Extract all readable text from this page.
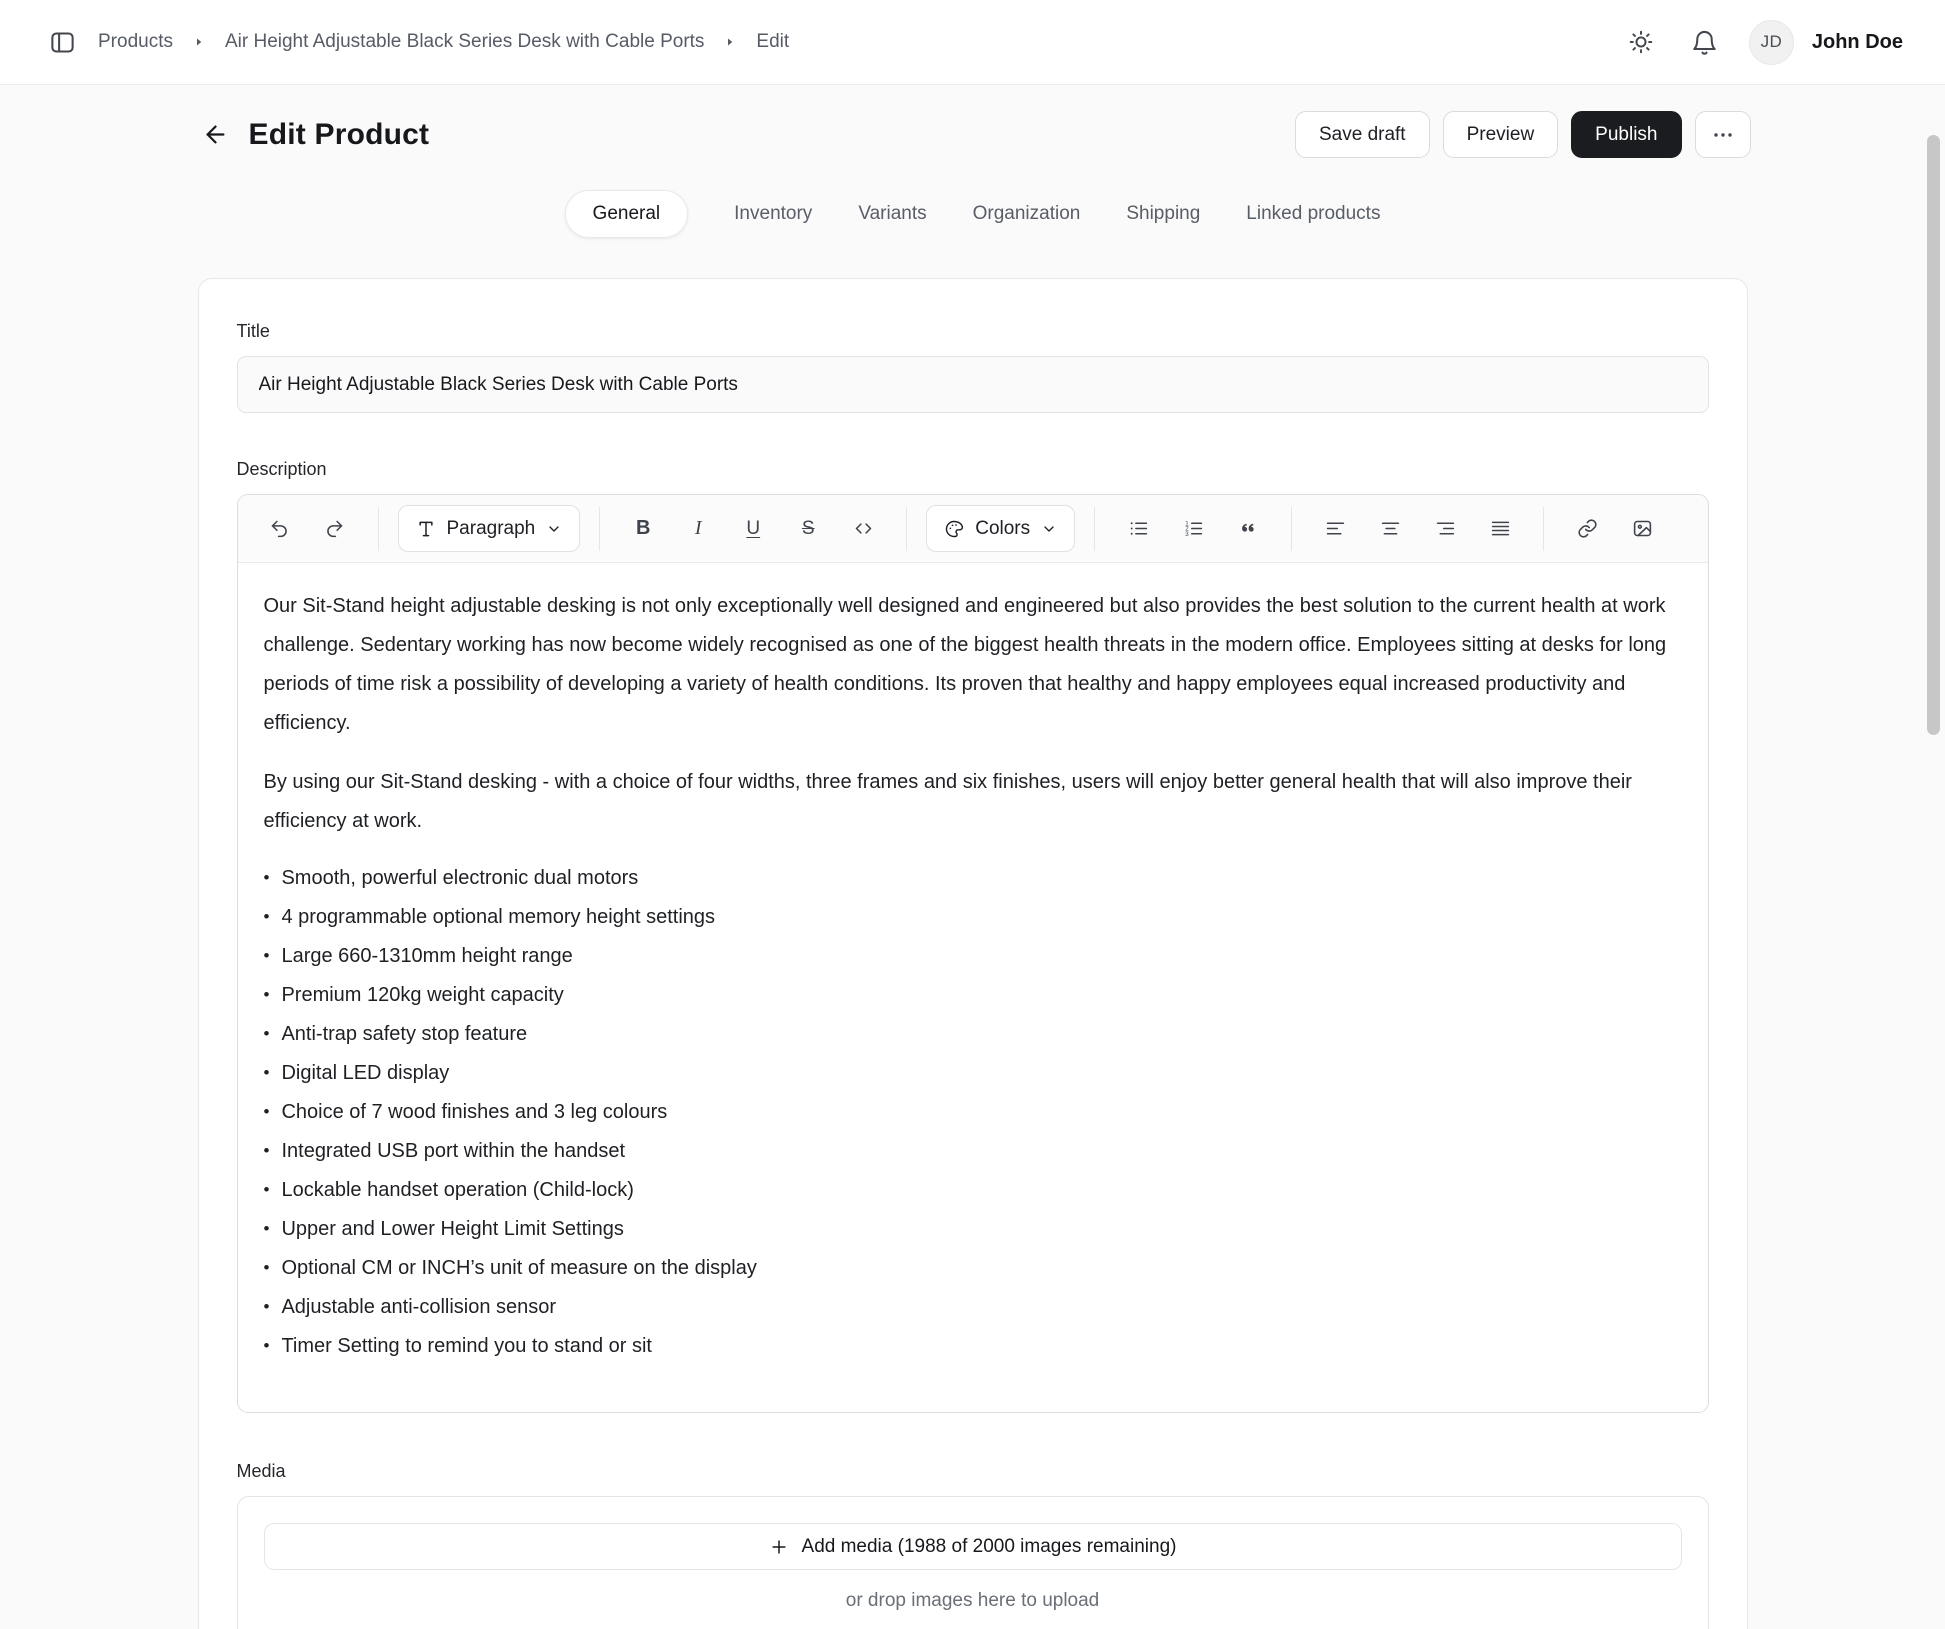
Products	Air Height Adjustable Black Series Desk with Cable Ports	Edit	JD	John Doe
Edit Product	Save draft	Preview	Publish
General	Inventory Variants Organization Shipping Linked products
Title
Air Height Adjustable Black Series Desk with Cable Ports
Description
Paragraph	B I U S	Colors	1
2
3

Our Sit-Stand height adjustable desking is not only exceptionally well designed and engineered but also provides the best solution to the current health at work challenge. Sedentary working has now become widely recognised as one of the biggest health threats in the modern office. Employees sitting at desks for long periods of time risk a possibility of developing a variety of health conditions. Its proven that healthy and happy employees equal increased productivity and efficiency.

By using our Sit-Stand desking - with a choice of four widths, three frames and six finishes, users will enjoy better general health that will also improve their efficiency at work.

• Smooth, powerful electronic dual motors
• 4 programmable optional memory height settings
• Large 660-1310mm height range
• Premium 120kg weight capacity
• Anti-trap safety stop feature
• Digital LED display
• Choice of 7 wood finishes and 3 leg colours
• Integrated USB port within the handset
• Lockable handset operation (Child-lock)
• Upper and Lower Height Limit Settings
• Optional CM or INCH’s unit of measure on the display
• Adjustable anti-collision sensor
• Timer Setting to remind you to stand or sit
Media
Add media (1988 of 2000 images remaining)
or drop images here to upload
